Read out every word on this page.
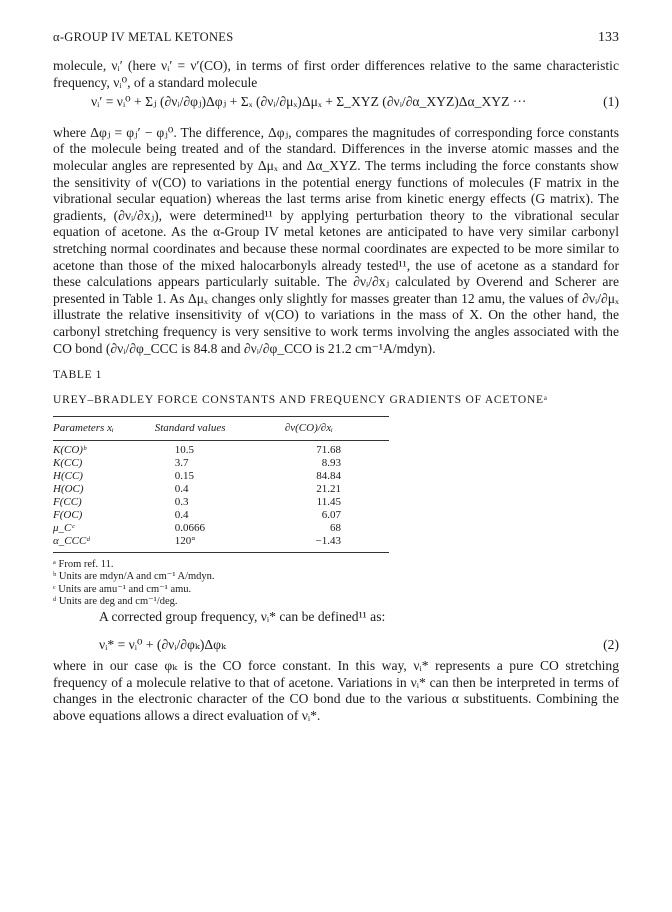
α-GROUP IV METAL KETONES	133

molecule, νᵢ′ (here νᵢ′ = ν′(CO), in terms of first order differences relative to the same characteristic frequency, νᵢ⁰, of a standard molecule

νᵢ′ = νᵢ⁰ + Σⱼ (∂νᵢ/∂φⱼ)Δφⱼ + Σₓ (∂νᵢ/∂μₓ)Δμₓ + Σ_XYZ (∂νᵢ/∂α_XYZ)Δα_XYZ ···	(1)

where Δφⱼ = φⱼ′ − φⱼ⁰. The difference, Δφⱼ, compares the magnitudes of corresponding force constants of the molecule being treated and of the standard. Differences in the inverse atomic masses and the molecular angles are represented by Δμₓ and Δα_XYZ. The terms including the force constants show the sensitivity of ν(CO) to variations in the potential energy functions of molecules (F matrix in the vibrational secular equation) whereas the last terms arise from kinetic energy effects (G matrix). The gradients, (∂νᵢ/∂xⱼ), were determined¹¹ by applying perturbation theory to the vibrational secular equation of acetone. As the α-Group IV metal ketones are anticipated to have very similar carbonyl stretching normal coordinates and because these normal coordinates are expected to be more similar to acetone than those of the mixed halocarbonyls already tested¹¹, the use of acetone as a standard for these calculations appears particularly suitable. The ∂νᵢ/∂xⱼ calculated by Overend and Scherer are presented in Table 1. As Δμₓ changes only slightly for masses greater than 12 amu, the values of ∂νᵢ/∂μₓ illustrate the relative insensitivity of ν(CO) to variations in the mass of X. On the other hand, the carbonyl stretching frequency is very sensitive to work terms involving the angles associated with the CO bond (∂νᵢ/∂φ_CCC is 84.8 and ∂νᵢ/∂φ_CCO is 21.2 cm⁻¹A/mdyn).

TABLE 1
UREY–BRADLEY FORCE CONSTANTS AND FREQUENCY GRADIENTS OF ACETONEᵃ
Parameters xᵢ	Standard values	∂ν(CO)/∂xᵢ
K(CO)ᵇ	10.5	71.68
K(CC)	3.7	8.93
H(CC)	0.15	84.84
H(OC)	0.4	21.21
F(CC)	0.3	11.45
F(OC)	0.4	6.07
μ_Cᶜ	0.0666	68
α_CCCᵈ	120°	−1.43
ᵃ From ref. 11.
ᵇ Units are mdyn/A and cm⁻¹ A/mdyn.
ᶜ Units are amu⁻¹ and cm⁻¹ amu.
ᵈ Units are deg and cm⁻¹/deg.

A corrected group frequency, νᵢ* can be defined¹¹ as:

νᵢ* = νᵢ⁰ + (∂νᵢ/∂φₖ)Δφₖ	(2)

where in our case φₖ is the CO force constant. In this way, νᵢ* represents a pure CO stretching frequency of a molecule relative to that of acetone. Variations in νᵢ* can then be interpreted in terms of changes in the electronic character of the CO bond due to the various α substituents. Combining the above equations allows a direct evaluation of νᵢ*.
